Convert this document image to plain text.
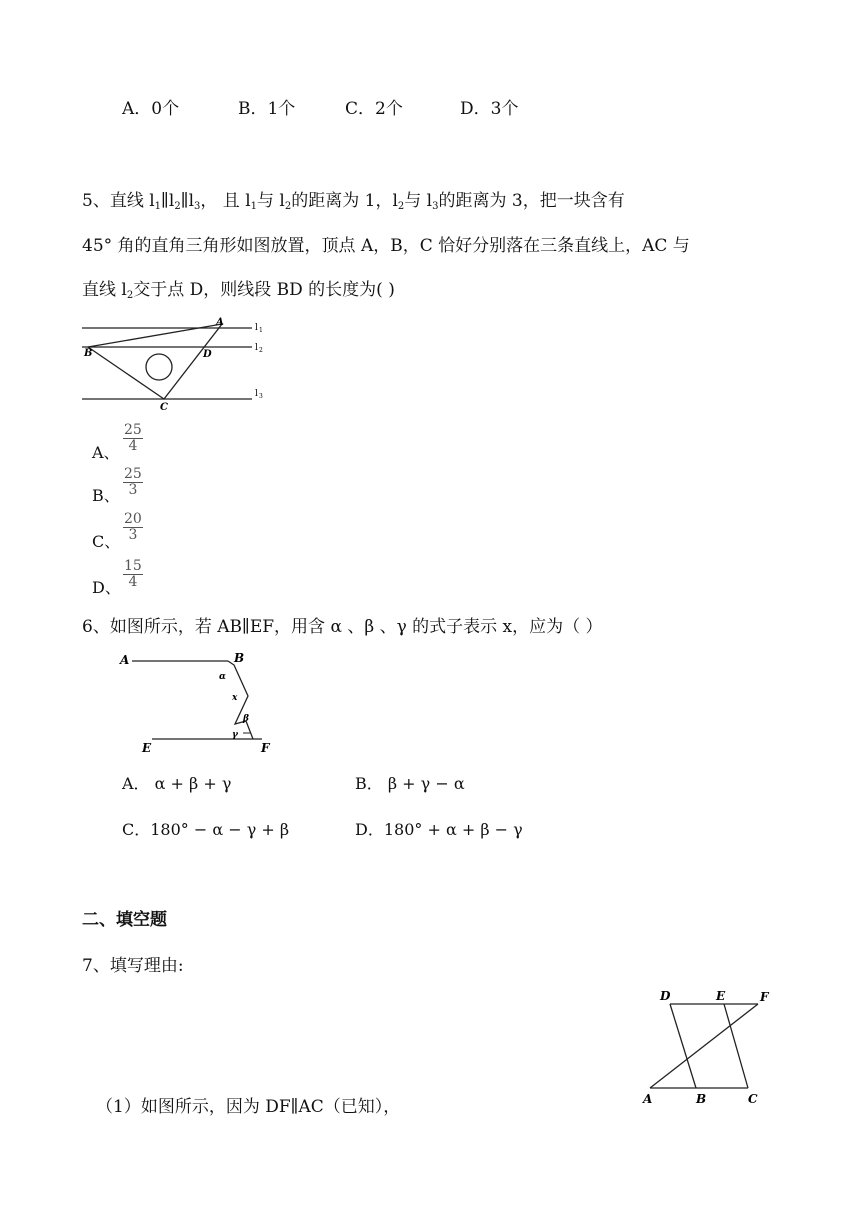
A．0个	B．1个	C．2个	D．3个
5、直线 $l_1\parallel l_2\parallel l_3$， 且 $l_1$与 $l_2$的距离为 1，$l_2$与 $l_3$的距离为 3，把一块含有
45° 角的直角三角形如图放置，顶点 A，B，C 恰好分别落在三条直线上，AC 与
直线 $l_2$交于点 D，则线段 BD 的长度为( )
A
B	D
C
l 1
l 2
l 3
A、 $\frac{25}{4}$
B、 $\frac{25}{3}$
C、 $\frac{20}{3}$
D、 $\frac{15}{4}$
6、如图所示，若 AB∥EF，用含 α 、β 、γ 的式子表示 x，应为（ ）
A	B
α
x
β
γ
E	F
A． α + β + γ	B． β + γ − α
C．180° − α − γ + β	D．180° + α + β − γ
二、填空题
7、填写理由:
D	E	F
A	B	C
（1）如图所示，因为 DF∥AC（已知），
